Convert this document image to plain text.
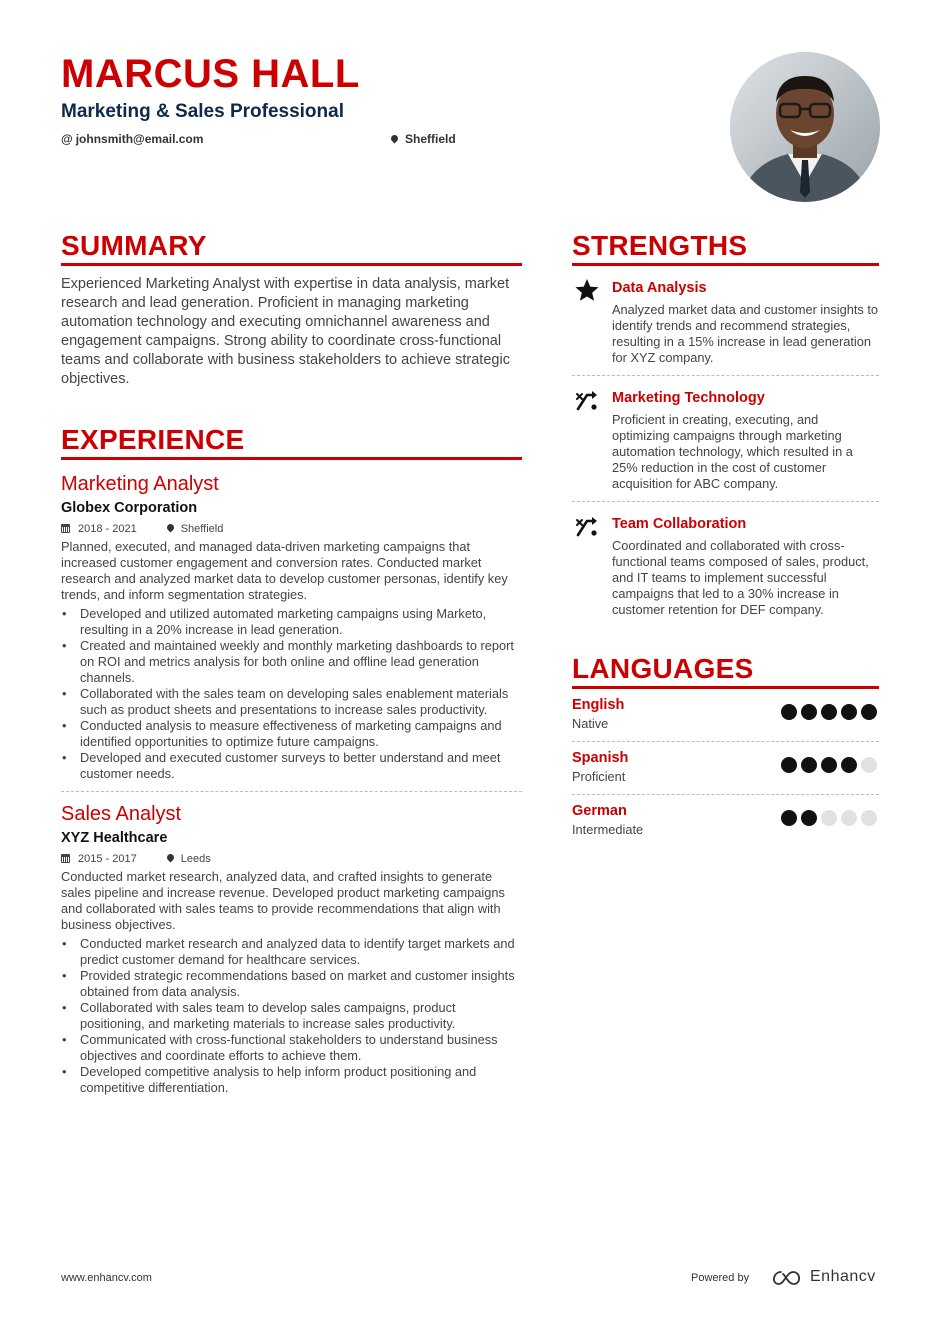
MARCUS HALL
Marketing & Sales Professional
@ johnsmith@email.com	Sheffield
SUMMARY
Experienced Marketing Analyst with expertise in data analysis, market research and lead generation. Proficient in managing marketing automation technology and executing omnichannel awareness and engagement campaigns. Strong ability to coordinate cross-functional teams and collaborate with business stakeholders to achieve strategic objectives.
EXPERIENCE
Marketing Analyst
Globex Corporation
2018 - 2021	Sheffield
Planned, executed, and managed data-driven marketing campaigns that increased customer engagement and conversion rates. Conducted market research and analyzed market data to develop customer personas, identify key trends, and inform segmentation strategies.
• Developed and utilized automated marketing campaigns using Marketo, resulting in a 20% increase in lead generation.
• Created and maintained weekly and monthly marketing dashboards to report on ROI and metrics analysis for both online and offline lead generation channels.
• Collaborated with the sales team on developing sales enablement materials such as product sheets and presentations to increase sales productivity.
• Conducted analysis to measure effectiveness of marketing campaigns and identified opportunities to optimize future campaigns.
• Developed and executed customer surveys to better understand and meet customer needs.
Sales Analyst
XYZ Healthcare
2015 - 2017	Leeds
Conducted market research, analyzed data, and crafted insights to generate sales pipeline and increase revenue. Developed product marketing campaigns and collaborated with sales teams to provide recommendations that align with business objectives.
• Conducted market research and analyzed data to identify target markets and predict customer demand for healthcare services.
• Provided strategic recommendations based on market and customer insights obtained from data analysis.
• Collaborated with sales team to develop sales campaigns, product positioning, and marketing materials to increase sales productivity.
• Communicated with cross-functional stakeholders to understand business objectives and coordinate efforts to achieve them.
• Developed competitive analysis to help inform product positioning and competitive differentiation.
STRENGTHS
Data Analysis
Analyzed market data and customer insights to identify trends and recommend strategies, resulting in a 15% increase in lead generation for XYZ company.
Marketing Technology
Proficient in creating, executing, and optimizing campaigns through marketing automation technology, which resulted in a 25% reduction in the cost of customer acquisition for ABC company.
Team Collaboration
Coordinated and collaborated with cross-functional teams composed of sales, product, and IT teams to implement successful campaigns that led to a 30% increase in customer retention for DEF company.
LANGUAGES
English
Native
Spanish
Proficient
German
Intermediate
www.enhancv.com	Powered by	Enhancv
